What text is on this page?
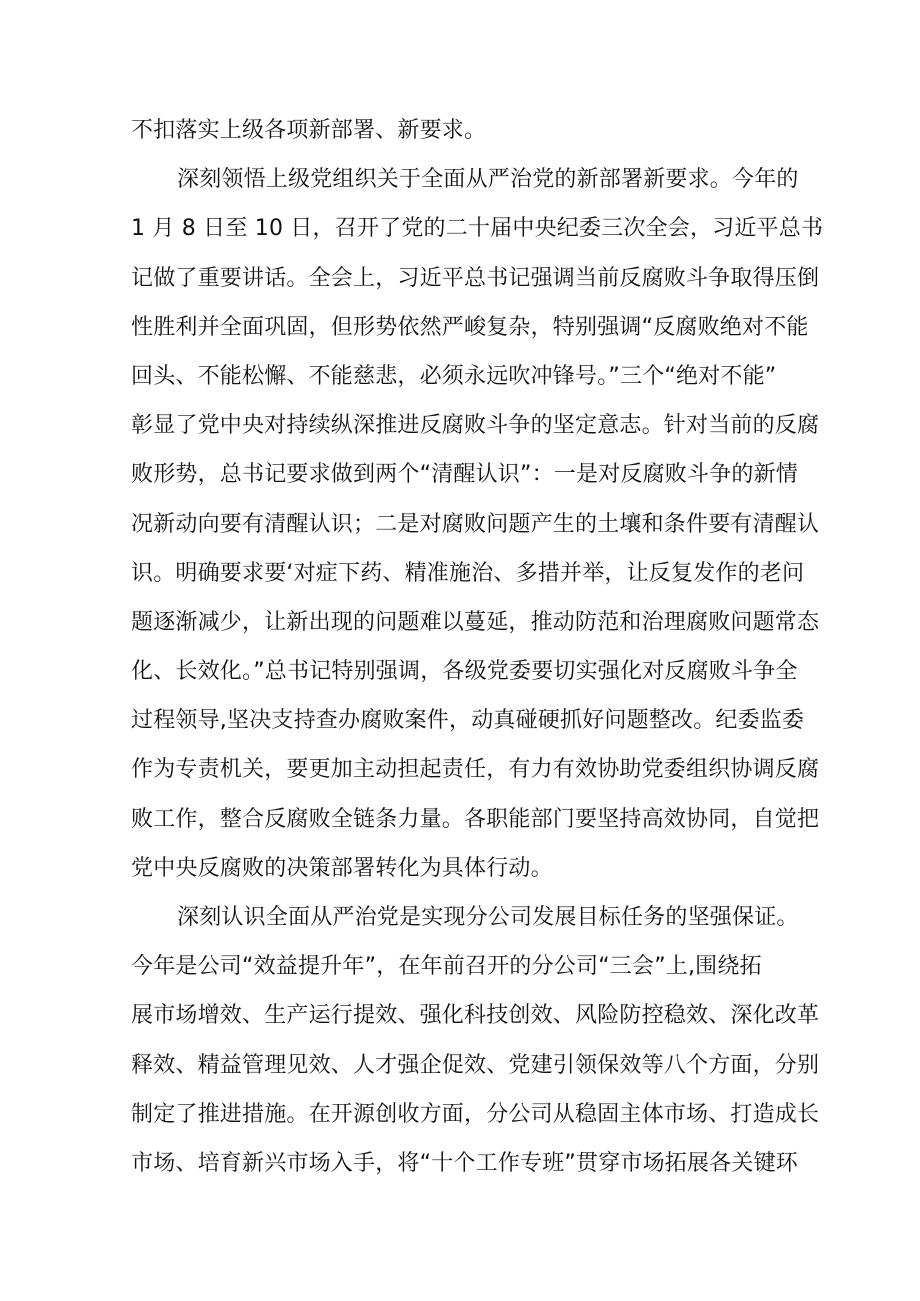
不扣落实上级各项新部署、新要求。
深刻领悟上级党组织关于全面从严治党的新部署新要求。今年的
1 月 8 日至 10 日，召开了党的二十届中央纪委三次全会，习近平总书
记做了重要讲话。全会上，习近平总书记强调当前反腐败斗争取得压倒
性胜利并全面巩固，但形势依然严峻复杂，特别强调“反腐败绝对不能
回头、不能松懈、不能慈悲，必须永远吹冲锋号。”三个“绝对不能”
彰显了党中央对持续纵深推进反腐败斗争的坚定意志。针对当前的反腐
败形势，总书记要求做到两个“清醒认识”：一是对反腐败斗争的新情
况新动向要有清醒认识；二是对腐败问题产生的土壤和条件要有清醒认
识。明确要求要‘对症下药、精准施治、多措并举，让反复发作的老问
题逐渐减少，让新出现的问题难以蔓延，推动防范和治理腐败问题常态
化、长效化。”总书记特别强调，各级党委要切实强化对反腐败斗争全
过程领导,坚决支持查办腐败案件，动真碰硬抓好问题整改。纪委监委
作为专责机关，要更加主动担起责任，有力有效协助党委组织协调反腐
败工作，整合反腐败全链条力量。各职能部门要坚持高效协同，自觉把
党中央反腐败的决策部署转化为具体行动。
深刻认识全面从严治党是实现分公司发展目标任务的坚强保证。
今年是公司“效益提升年”，在年前召开的分公司“三会”上,围绕拓
展市场增效、生产运行提效、强化科技创效、风险防控稳效、深化改革
释效、精益管理见效、人才强企促效、党建引领保效等八个方面，分别
制定了推进措施。在开源创收方面，分公司从稳固主体市场、打造成长
市场、培育新兴市场入手，将“十个工作专班”贯穿市场拓展各关键环
